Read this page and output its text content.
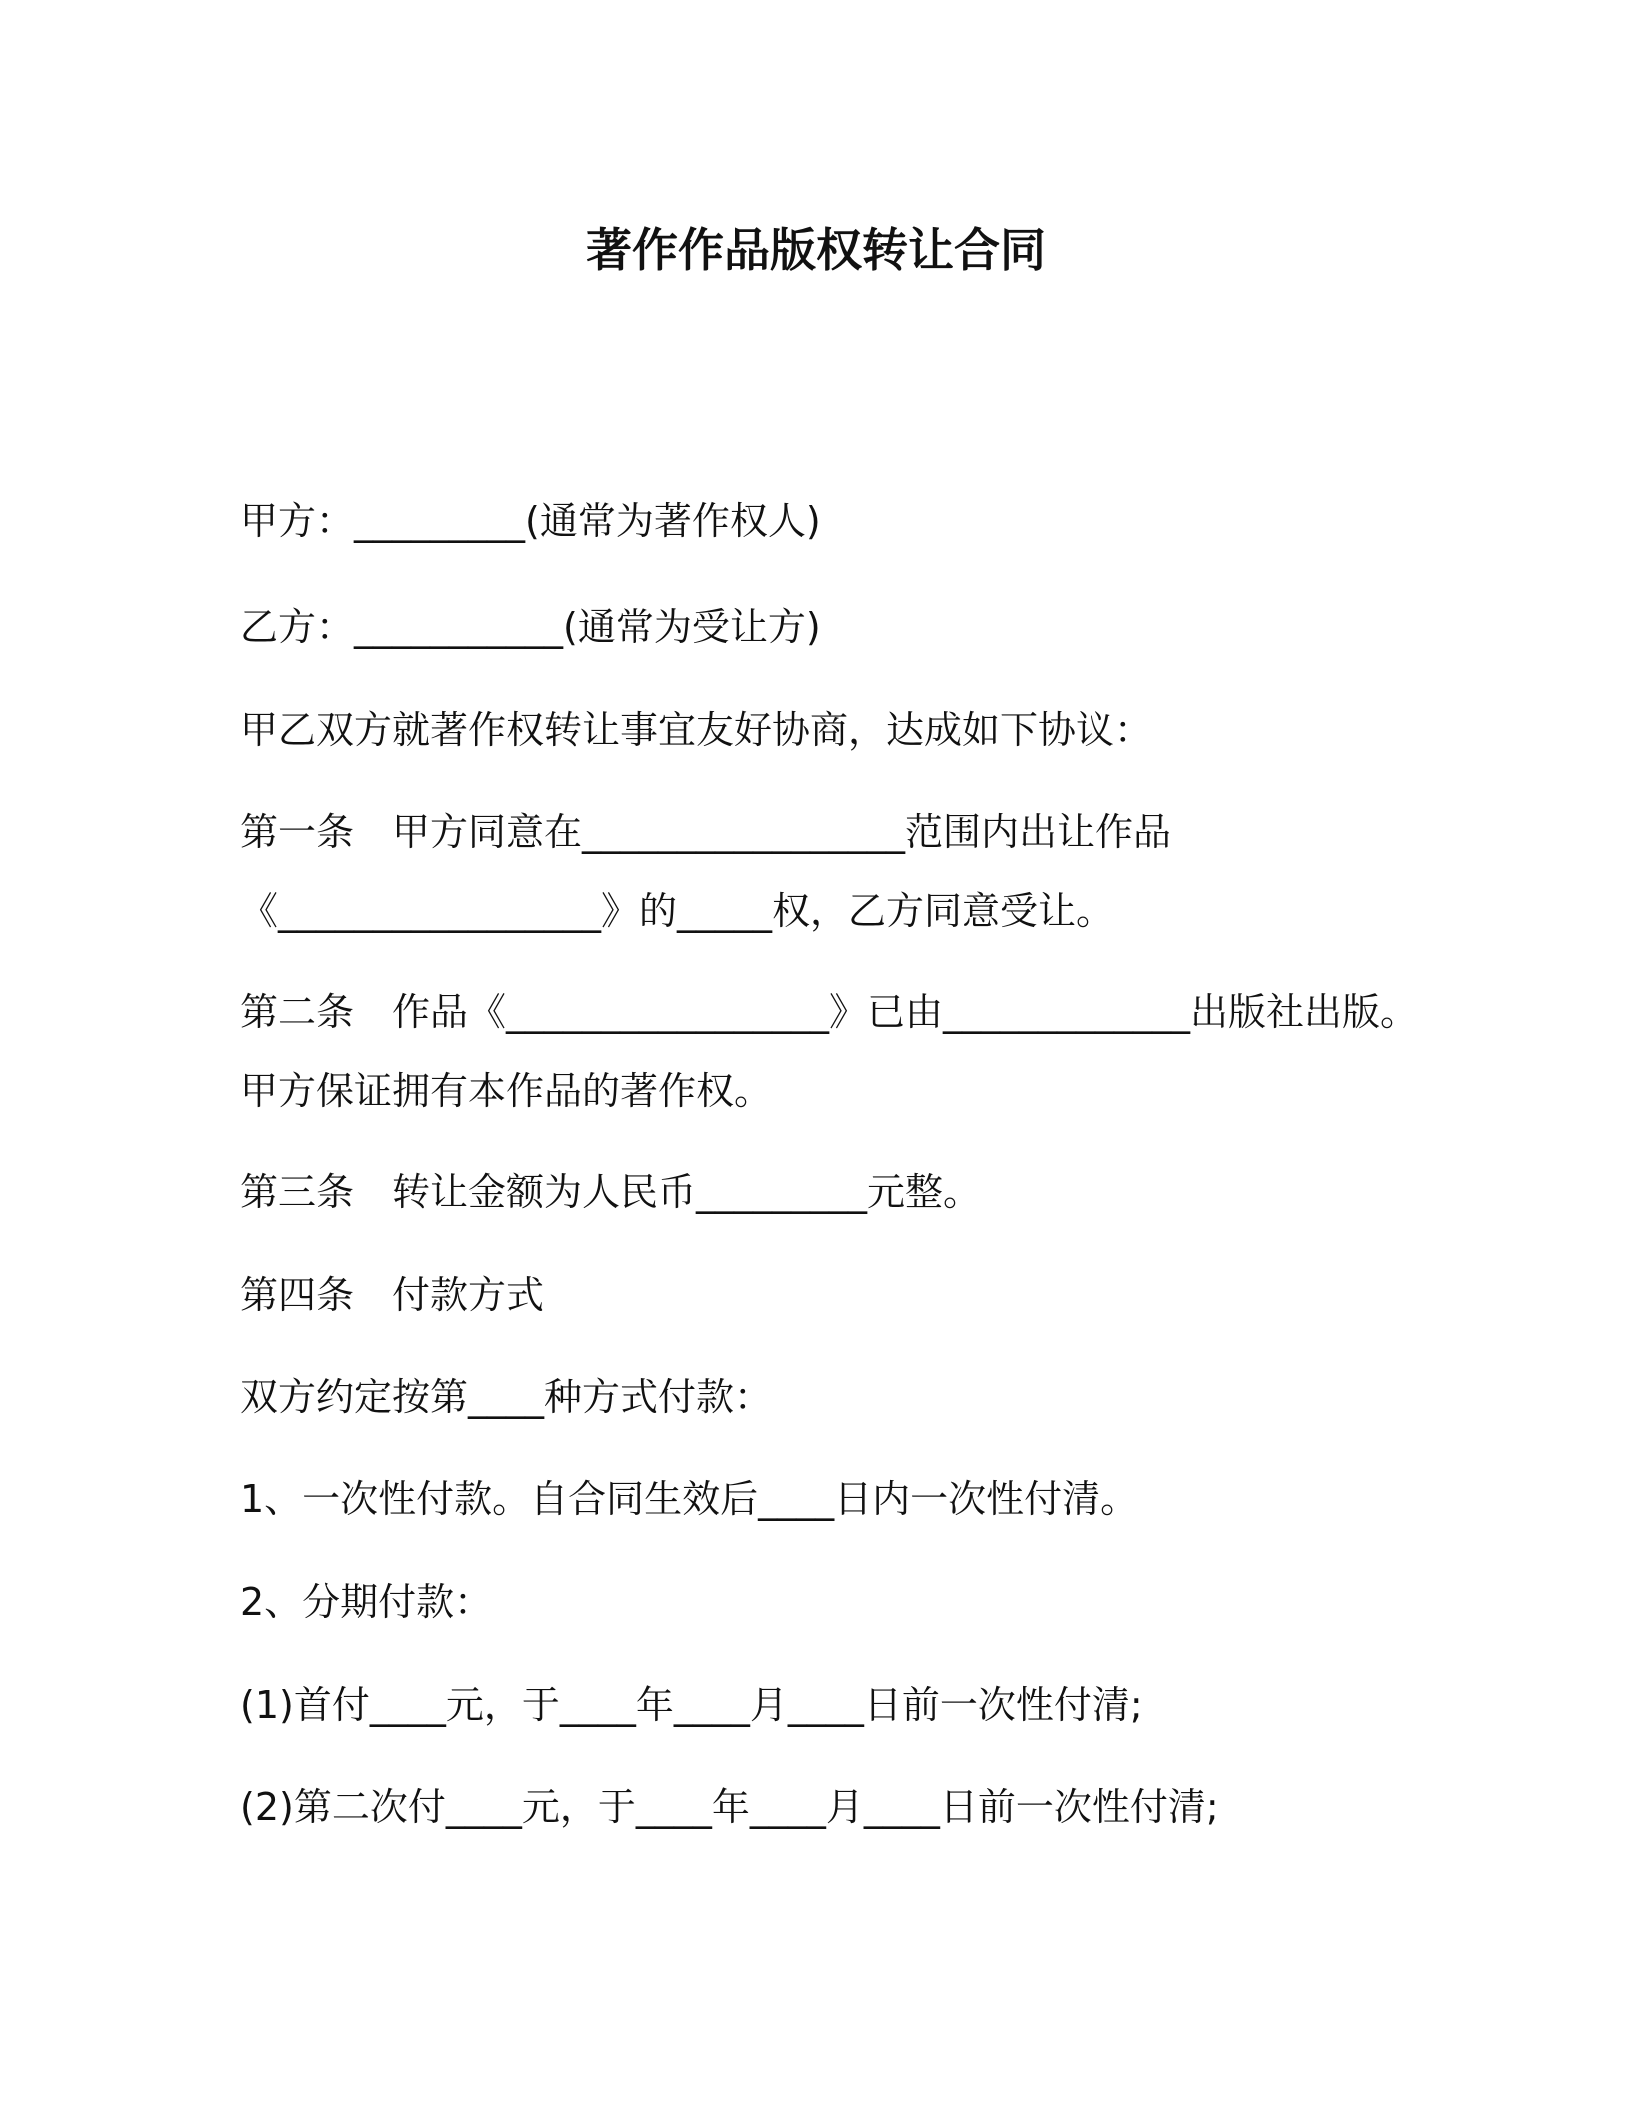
著作作品版权转让合同
甲方：_________(通常为著作权人)
乙方：___________(通常为受让方)
甲乙双方就著作权转让事宜友好协商，达成如下协议：
第一条　甲方同意在_________________范围内出让作品
《_________________》的_____权，乙方同意受让。
第二条　作品《_________________》已由_____________出版社出版。
甲方保证拥有本作品的著作权。
第三条　转让金额为人民币_________元整。
第四条　付款方式
双方约定按第____种方式付款：
1、一次性付款。自合同生效后____日内一次性付清。
2、分期付款：
(1)首付____元，于____年____月____日前一次性付清;
(2)第二次付____元，于____年____月____日前一次性付清;
